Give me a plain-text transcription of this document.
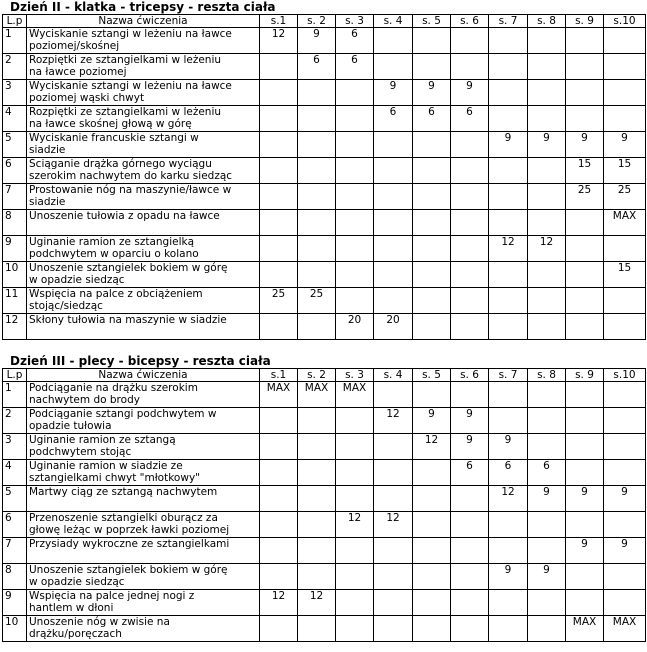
Dzień II - klatka - tricepsy - reszta ciała
L.p	Nazwa ćwiczenia	s.1	s. 2	s. 3	s. 4	s. 5	s. 6	s. 7	s. 8	s. 9	s.10
1	Wyciskanie sztangi w leżeniu na ławce
poziomej/skośnej	12	9	6							
2	Rozpiętki ze sztangielkami w leżeniu
na ławce poziomej		6	6							
3	Wyciskanie sztangi w leżeniu na ławce
poziomej wąski chwyt				9	9	9				
4	Rozpiętki ze sztangielkami w leżeniu
na ławce skośnej głową w górę				6	6	6				
5	Wyciskanie francuskie sztangi w
siadzie							9	9	9	9
6	Ściąganie drążka górnego wyciągu
szerokim nachwytem do karku siedząc									15	15
7	Prostowanie nóg na maszynie/ławce w
siadzie									25	25
8	Unoszenie tułowia z opadu na ławce										MAX
9	Uginanie ramion ze sztangielką
podchwytem w oparciu o kolano							12	12		
10	Unoszenie sztangielek bokiem w górę
w opadzie siedząc										15
11	Wspięcia na palce z obciążeniem
stojąc/siedząc	25	25								
12	Skłony tułowia na maszynie w siadzie			20	20						
Dzień III - plecy - bicepsy - reszta ciała
L.p	Nazwa ćwiczenia	s.1	s. 2	s. 3	s. 4	s. 5	s. 6	s. 7	s. 8	s. 9	s.10
1	Podciąganie na drążku szerokim
nachwytem do brody	MAX	MAX	MAX							
2	Podciąganie sztangi podchwytem w
opadzie tułowia				12	9	9				
3	Uginanie ramion ze sztangą
podchwytem stojąc					12	9	9			
4	Uginanie ramion w siadzie ze
sztangielkami chwyt "młotkowy"						6	6	6		
5	Martwy ciąg ze sztangą nachwytem							12	9	9	9
6	Przenoszenie sztangielki oburącz za
głowę leżąc w poprzek ławki poziomej			12	12						
7	Przysiady wykroczne ze sztangielkami									9	9
8	Unoszenie sztangielek bokiem w górę
w opadzie siedząc							9	9		
9	Wspięcia na palce jednej nogi z
hantlem w dłoni	12	12								
10	Unoszenie nóg w zwisie na
drążku/poręczach									MAX	MAX
